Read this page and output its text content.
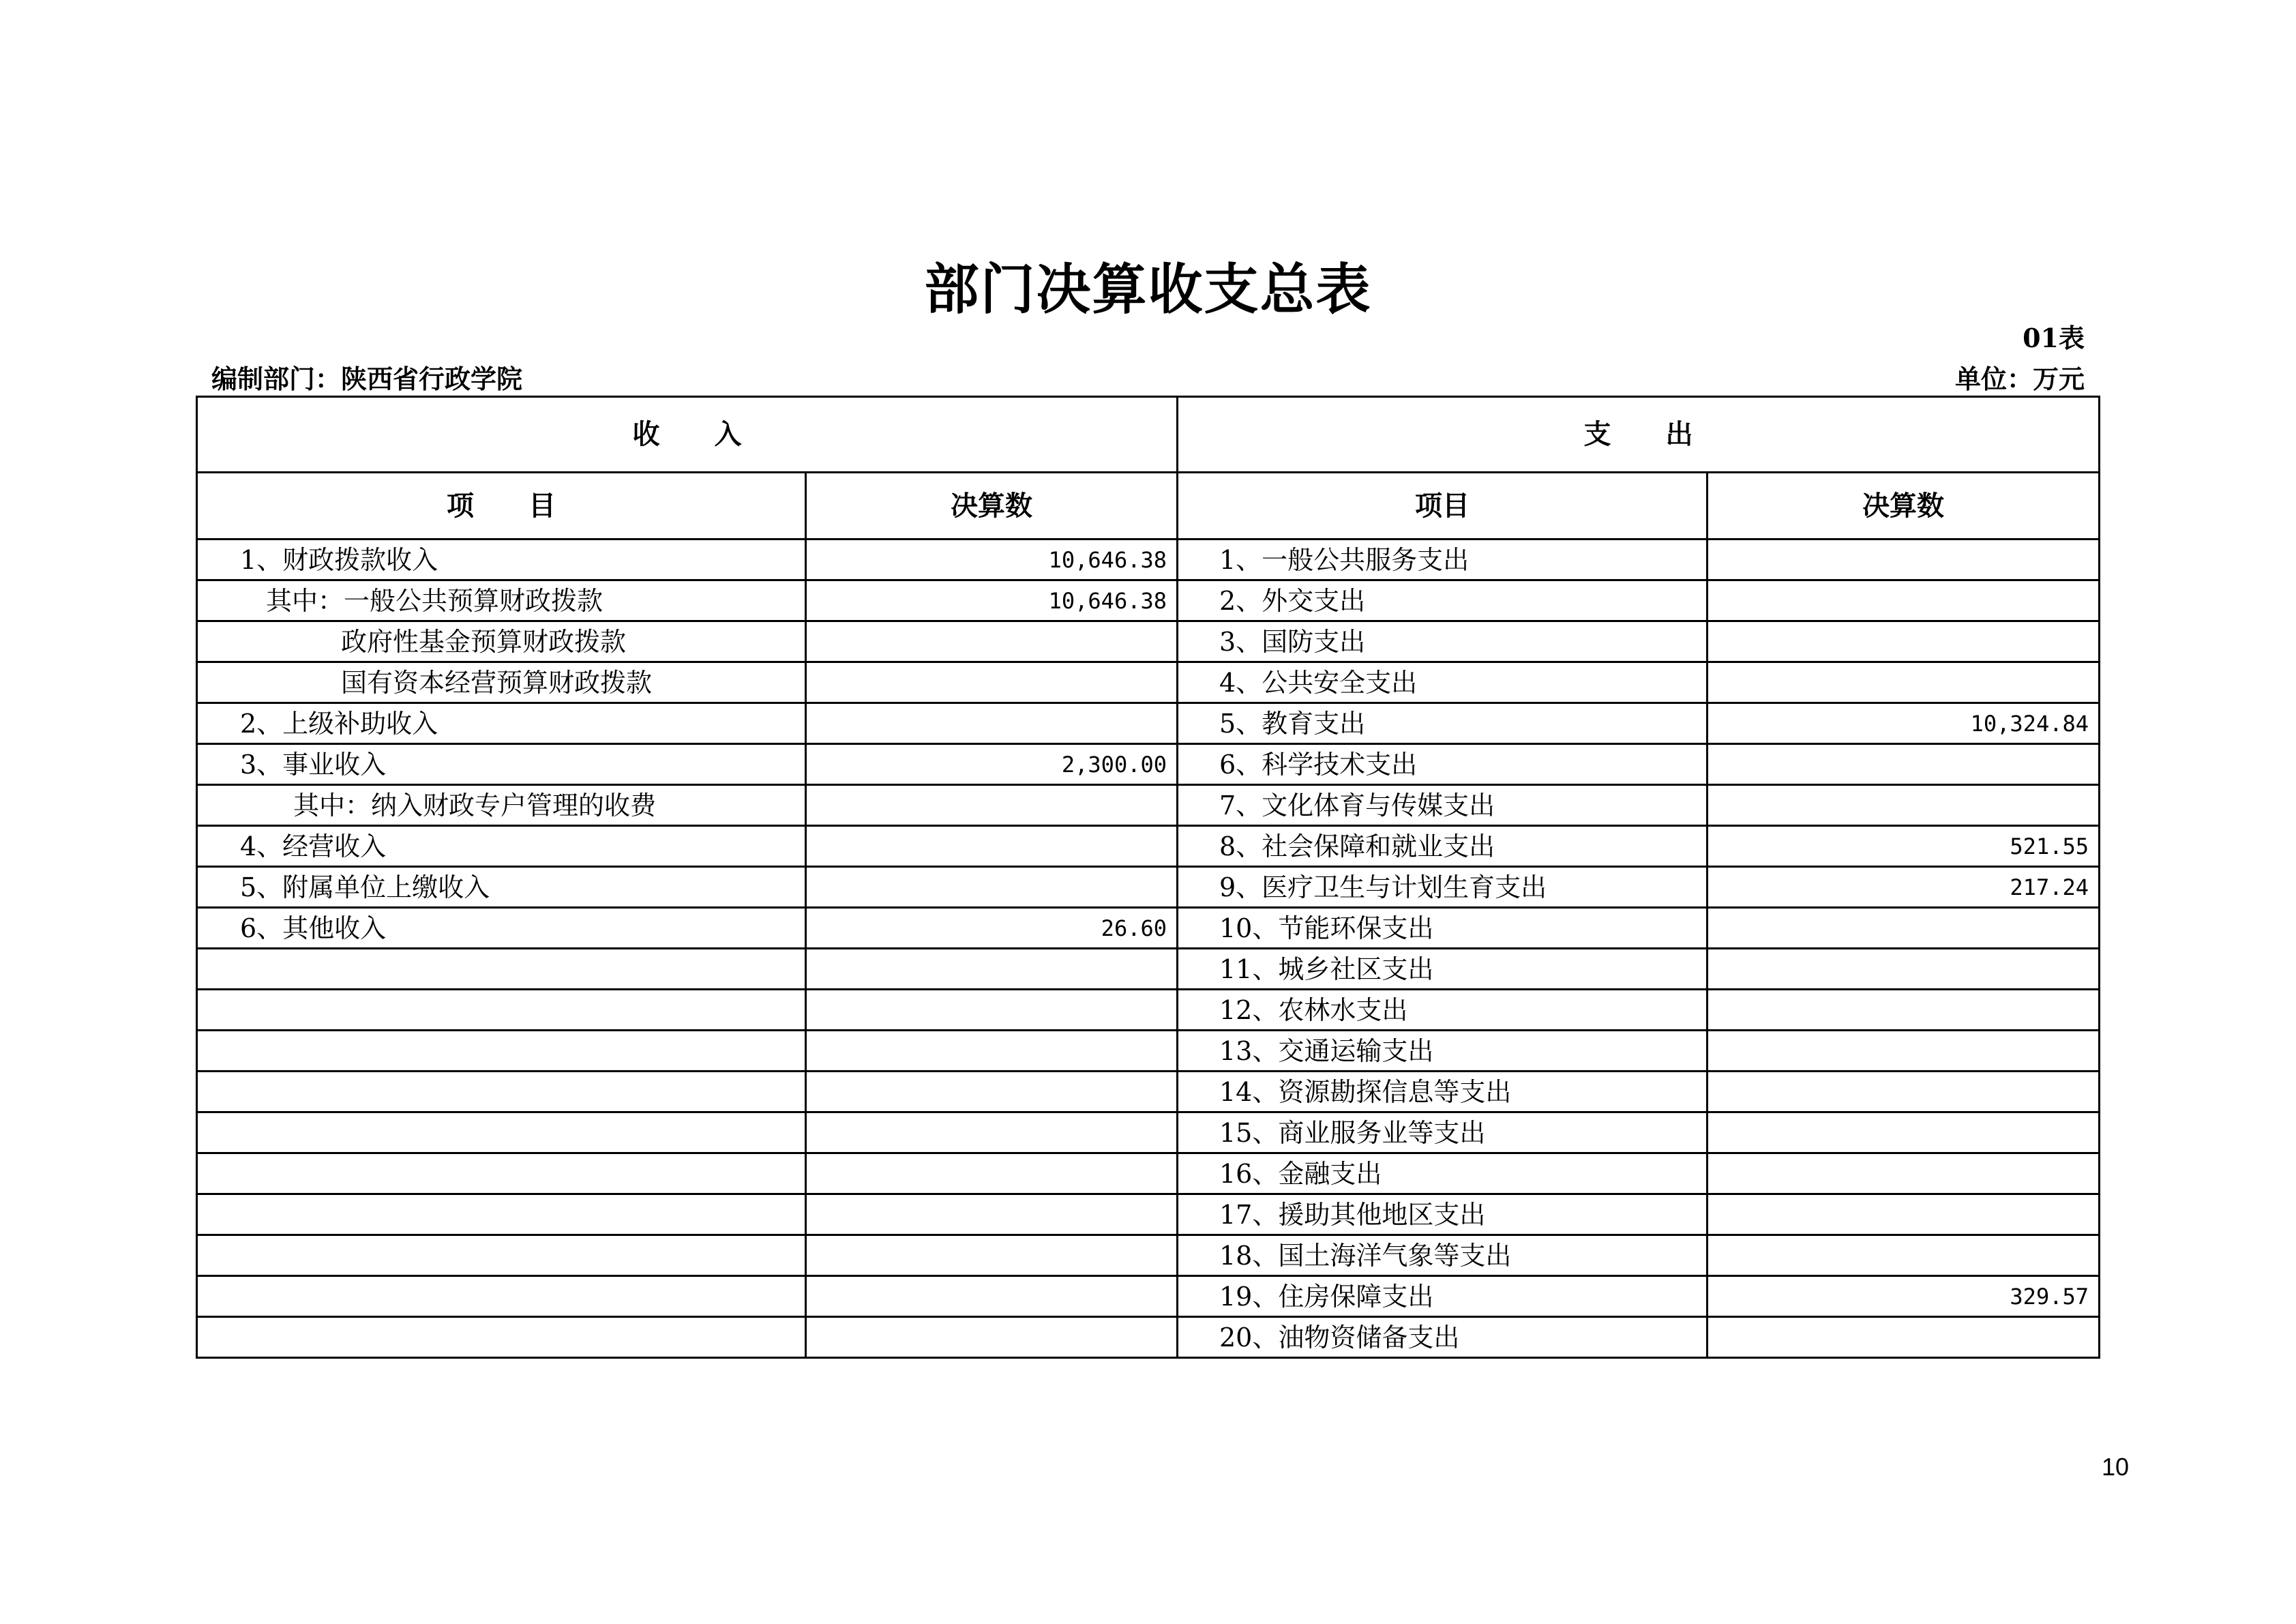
部门决算收支总表
01表
编制部门：陕西省行政学院	单位：万元
收　　入		支　　出	
项　　目	决算数	项目	决算数
1、财政拨款收入	10,646.38	1、一般公共服务支出	
其中：一般公共预算财政拨款	10,646.38	2、外交支出	
政府性基金预算财政拨款		3、国防支出	
国有资本经营预算财政拨款		4、公共安全支出	
2、上级补助收入		5、教育支出	10,324.84
3、事业收入	2,300.00	6、科学技术支出	
其中：纳入财政专户管理的收费		7、文化体育与传媒支出	
4、经营收入		8、社会保障和就业支出	521.55
5、附属单位上缴收入		9、医疗卫生与计划生育支出	217.24
6、其他收入	26.60	10、节能环保支出	
		11、城乡社区支出	
		12、农林水支出	
		13、交通运输支出	
		14、资源勘探信息等支出	
		15、商业服务业等支出	
		16、金融支出	
		17、援助其他地区支出	
		18、国土海洋气象等支出	
		19、住房保障支出	329.57
		20、油物资储备支出	
10
